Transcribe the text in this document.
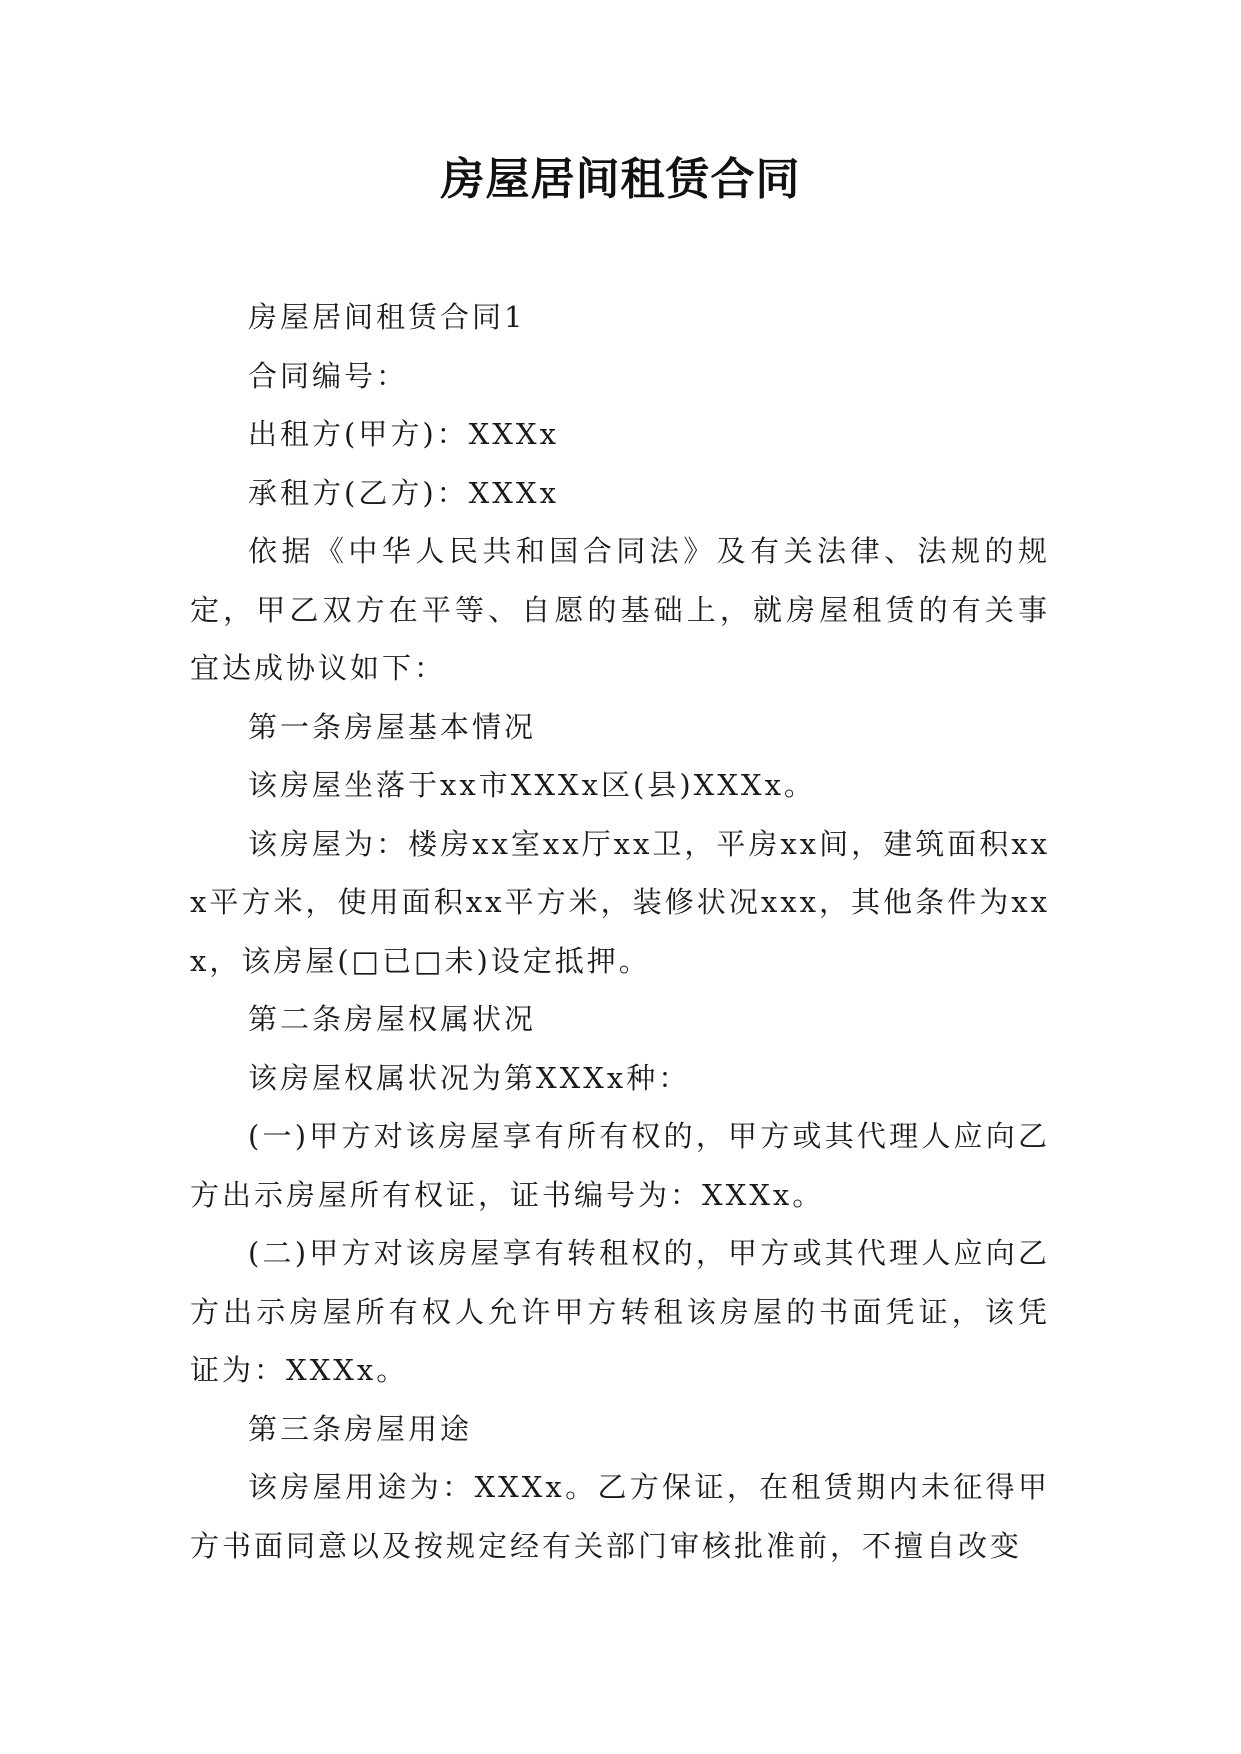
房屋居间租赁合同

房屋居间租赁合同1

合同编号：

出租方(甲方)：XXXx

承租方(乙方)：XXXx

依据《中华人民共和国合同法》及有关法律、法规的规定，甲乙双方在平等、自愿的基础上，就房屋租赁的有关事宜达成协议如下：

第一条房屋基本情况

该房屋坐落于xx市XXXx区(县)XXXx。

该房屋为：楼房xx室xx厅xx卫，平房xx间，建筑面积xxx平方米，使用面积xx平方米，装修状况xxx，其他条件为xxx，该房屋(□已□未)设定抵押。

第二条房屋权属状况

该房屋权属状况为第XXXx种：

(一)甲方对该房屋享有所有权的，甲方或其代理人应向乙方出示房屋所有权证，证书编号为：XXXx。

(二)甲方对该房屋享有转租权的，甲方或其代理人应向乙方出示房屋所有权人允许甲方转租该房屋的书面凭证，该凭证为：XXXx。

第三条房屋用途

该房屋用途为：XXXx。乙方保证，在租赁期内未征得甲方书面同意以及按规定经有关部门审核批准前，不擅自改变
